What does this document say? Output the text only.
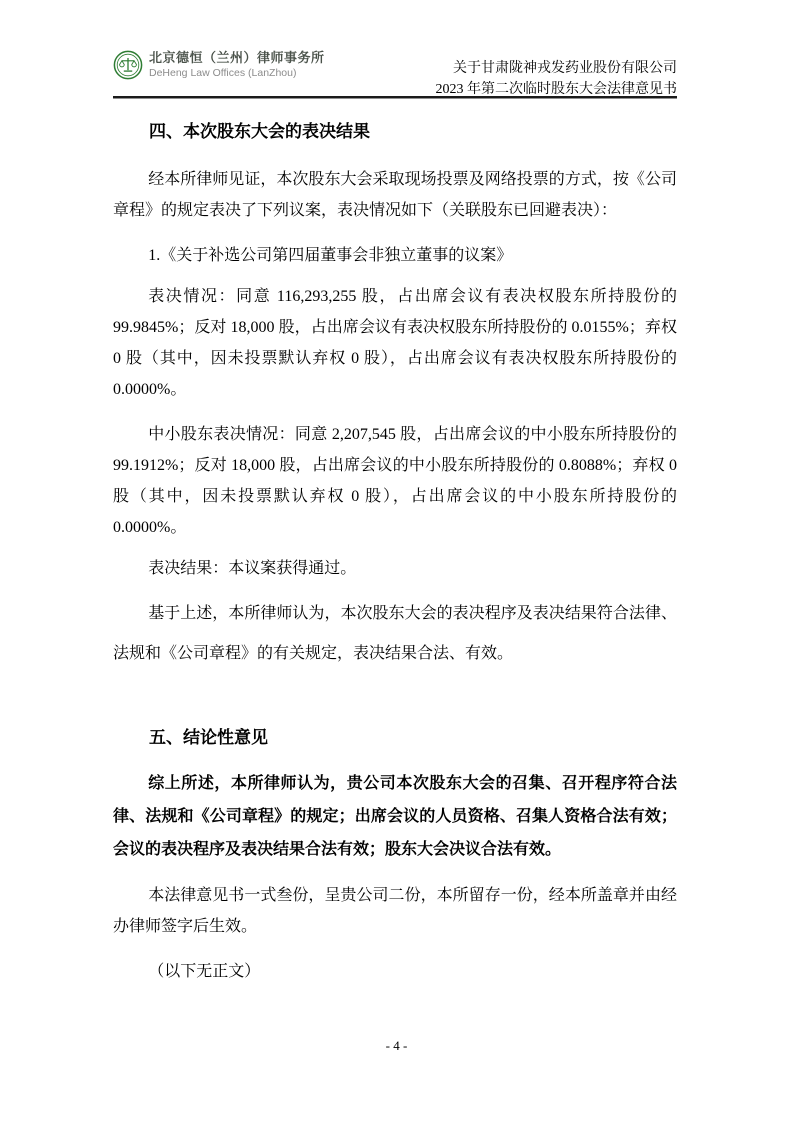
北京德恒（兰州）律师事务所
DeHeng Law Offices (LanZhou)	关于甘肃陇神戎发药业股份有限公司
2023 年第二次临时股东大会法律意见书
四、本次股东大会的表决结果

经本所律师见证，本次股东大会采取现场投票及网络投票的方式，按《公司章程》的规定表决了下列议案，表决情况如下（关联股东已回避表决）：

1.《关于补选公司第四届董事会非独立董事的议案》

表决情况：同意 116,293,255 股，占出席会议有表决权股东所持股份的 99.9845%；反对 18,000 股，占出席会议有表决权股东所持股份的 0.0155%；弃权 0 股（其中，因未投票默认弃权 0 股），占出席会议有表决权股东所持股份的 0.0000%。

中小股东表决情况：同意 2,207,545 股，占出席会议的中小股东所持股份的 99.1912%；反对 18,000 股，占出席会议的中小股东所持股份的 0.8088%；弃权 0 股（其中，因未投票默认弃权 0 股），占出席会议的中小股东所持股份的 0.0000%。

表决结果：本议案获得通过。

基于上述，本所律师认为，本次股东大会的表决程序及表决结果符合法律、法规和《公司章程》的有关规定，表决结果合法、有效。

五、结论性意见

综上所述，本所律师认为，贵公司本次股东大会的召集、召开程序符合法律、法规和《公司章程》的规定；出席会议的人员资格、召集人资格合法有效；会议的表决程序及表决结果合法有效；股东大会决议合法有效。

本法律意见书一式叁份，呈贵公司二份，本所留存一份，经本所盖章并由经办律师签字后生效。

（以下无正文）

- 4 -
